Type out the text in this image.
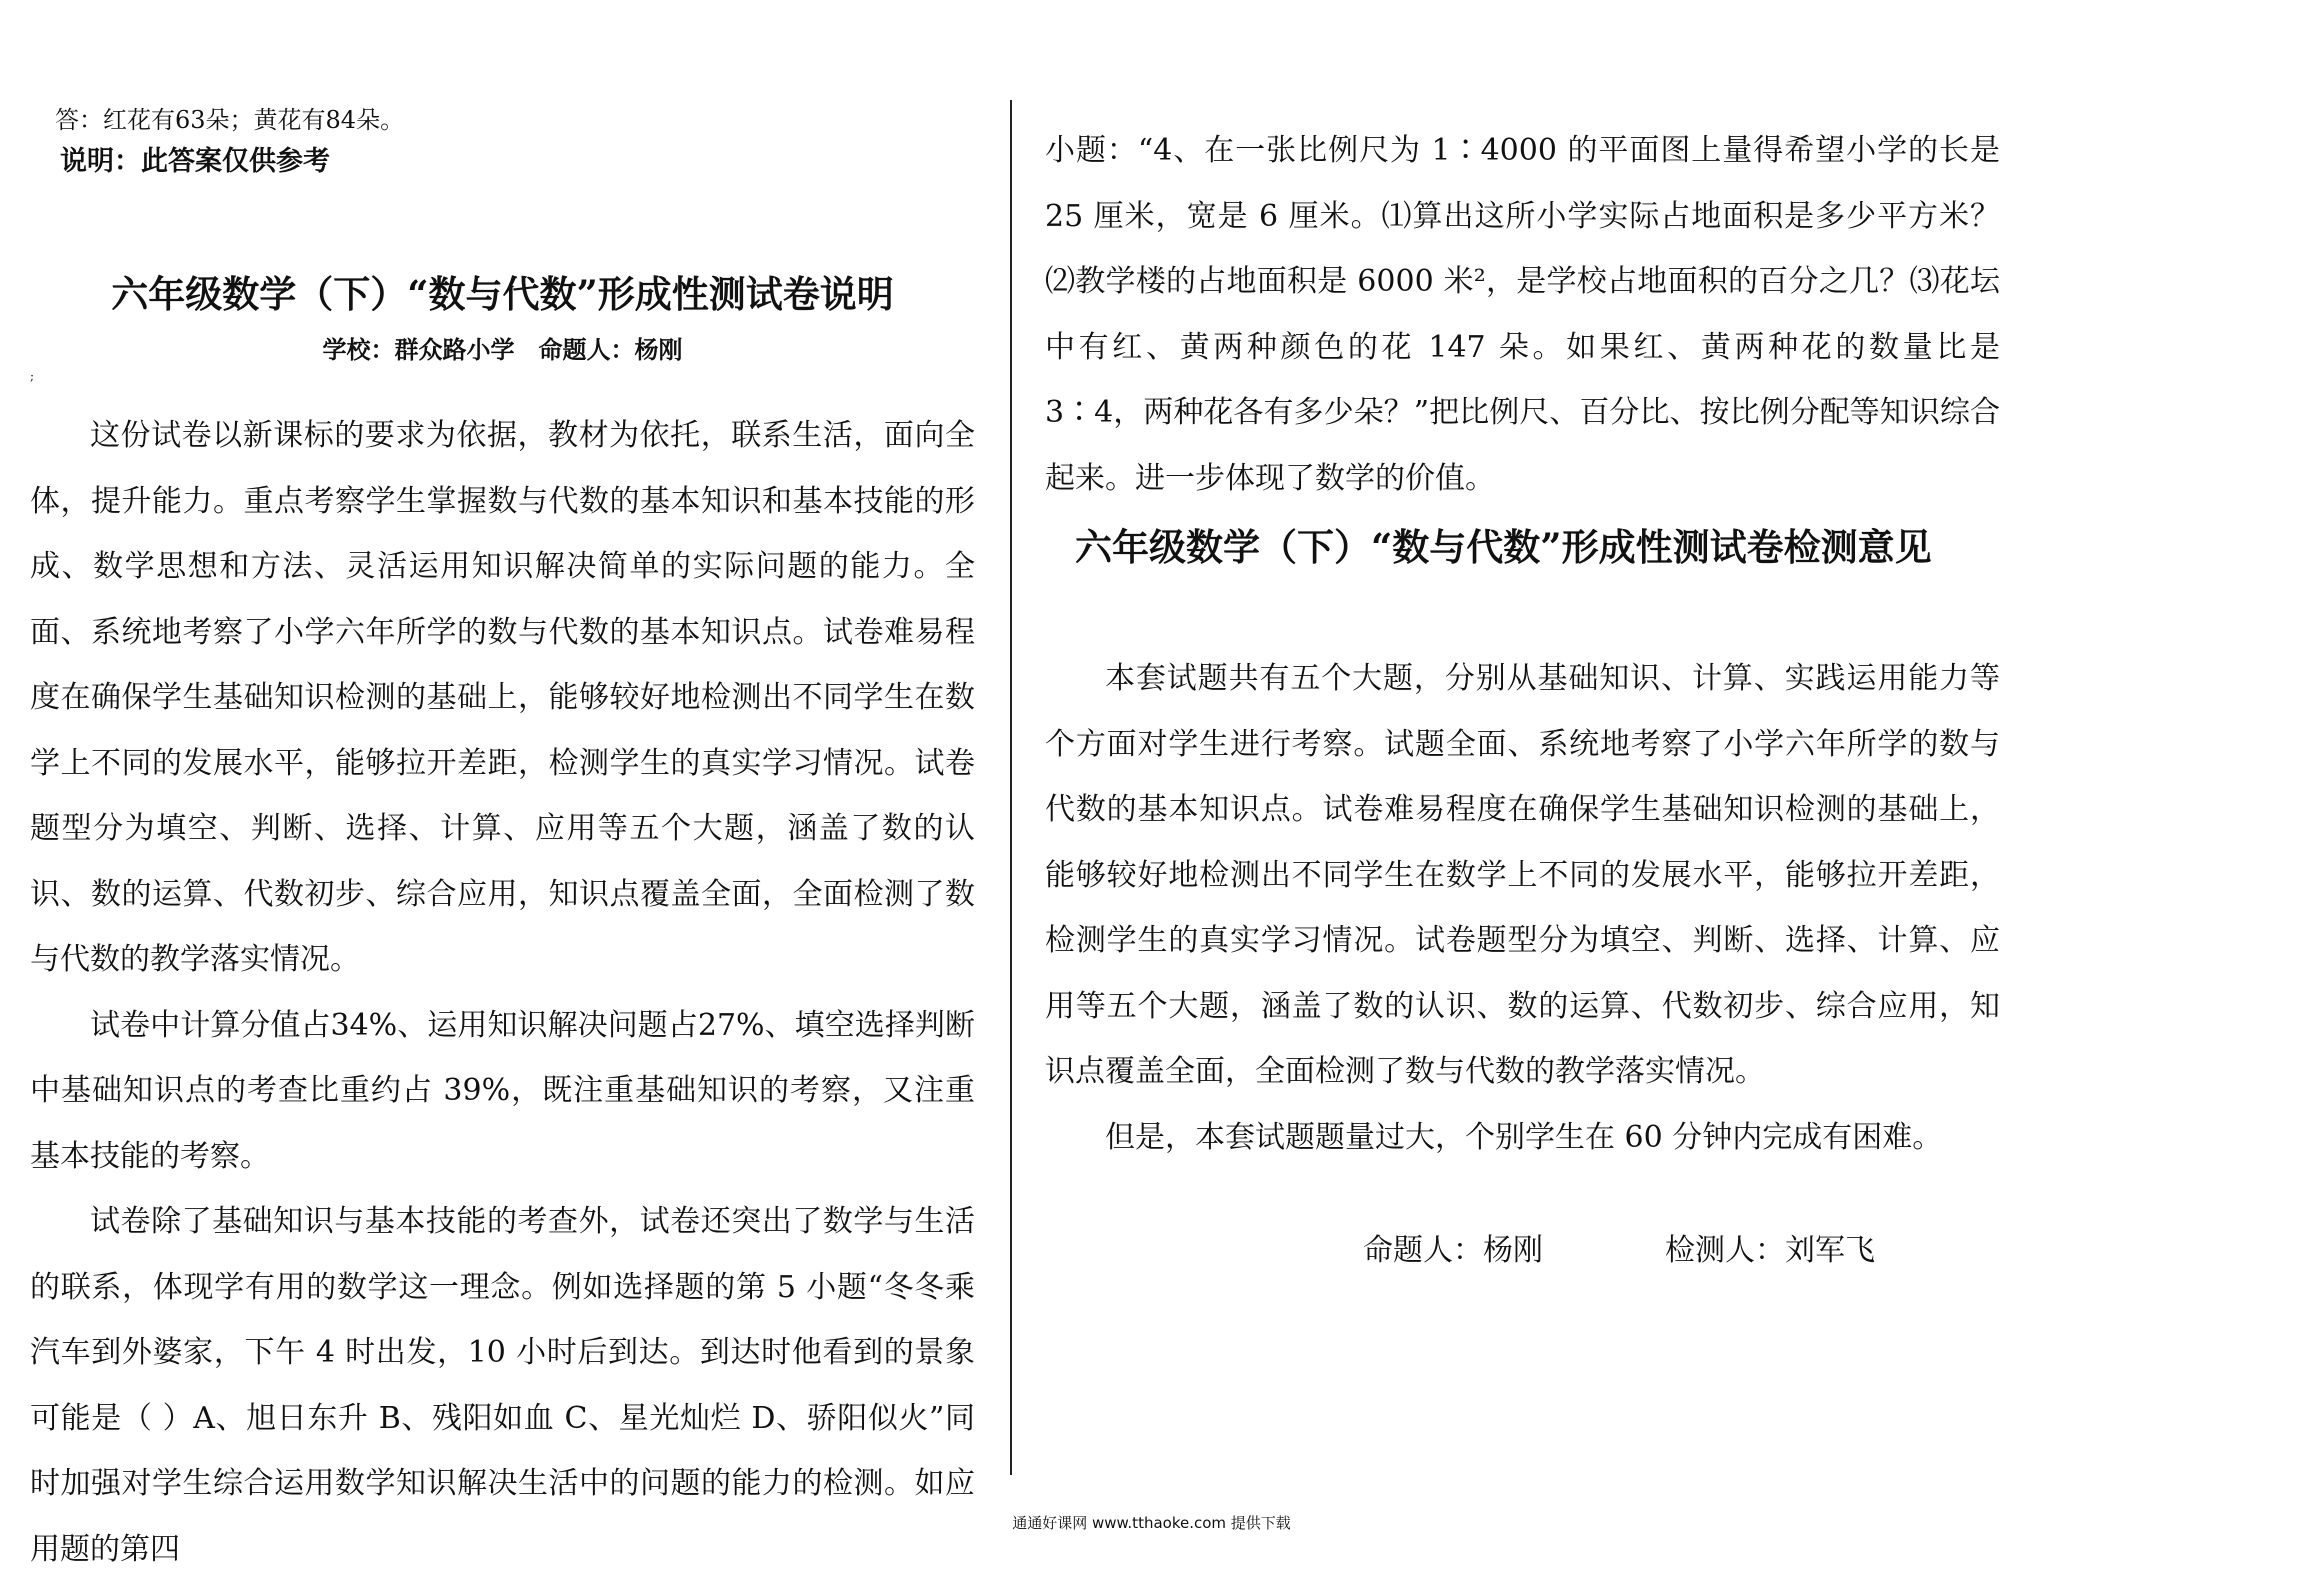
答：红花有63朵；黄花有84朵。
说明：此答案仅供参考
六年级数学（下）“数与代数”形成性测试卷说明
学校：群众路小学　命题人：杨刚
;

这份试卷以新课标的要求为依据，教材为依托，联系生活，面向全体，提升能力。重点考察学生掌握数与代数的基本知识和基本技能的形成、数学思想和方法、灵活运用知识解决简单的实际问题的能力。全面、系统地考察了小学六年所学的数与代数的基本知识点。试卷难易程度在确保学生基础知识检测的基础上，能够较好地检测出不同学生在数学上不同的发展水平，能够拉开差距，检测学生的真实学习情况。试卷题型分为填空、判断、选择、计算、应用等五个大题，涵盖了数的认识、数的运算、代数初步、综合应用，知识点覆盖全面，全面检测了数与代数的教学落实情况。

试卷中计算分值占34%、运用知识解决问题占27%、填空选择判断中基础知识点的考查比重约占 39%，既注重基础知识的考察，又注重基本技能的考察。

试卷除了基础知识与基本技能的考查外，试卷还突出了数学与生活的联系，体现学有用的数学这一理念。例如选择题的第 5 小题“冬冬乘汽车到外婆家，下午 4 时出发，10 小时后到达。到达时他看到的景象可能是（ ）A、旭日东升 B、残阳如血 C、星光灿烂 D、骄阳似火”同时加强对学生综合运用数学知识解决生活中的问题的能力的检测。如应用题的第四

小题：“4、在一张比例尺为 1∶4000 的平面图上量得希望小学的长是 25 厘米，宽是 6 厘米。⑴算出这所小学实际占地面积是多少平方米？⑵教学楼的占地面积是 6000 米²，是学校占地面积的百分之几？⑶花坛中有红、黄两种颜色的花 147 朵。如果红、黄两种花的数量比是 3∶4，两种花各有多少朵？”把比例尺、百分比、按比例分配等知识综合起来。进一步体现了数学的价值。

六年级数学（下）“数与代数”形成性测试卷检测意见

本套试题共有五个大题，分别从基础知识、计算、实践运用能力等个方面对学生进行考察。试题全面、系统地考察了小学六年所学的数与代数的基本知识点。试卷难易程度在确保学生基础知识检测的基础上，能够较好地检测出不同学生在数学上不同的发展水平，能够拉开差距，检测学生的真实学习情况。试卷题型分为填空、判断、选择、计算、应用等五个大题，涵盖了数的认识、数的运算、代数初步、综合应用，知识点覆盖全面，全面检测了数与代数的教学落实情况。

但是，本套试题题量过大，个别学生在 60 分钟内完成有困难。

命题人：杨刚	检测人：刘军飞
通通好课网 www.tthaoke.com 提供下载
